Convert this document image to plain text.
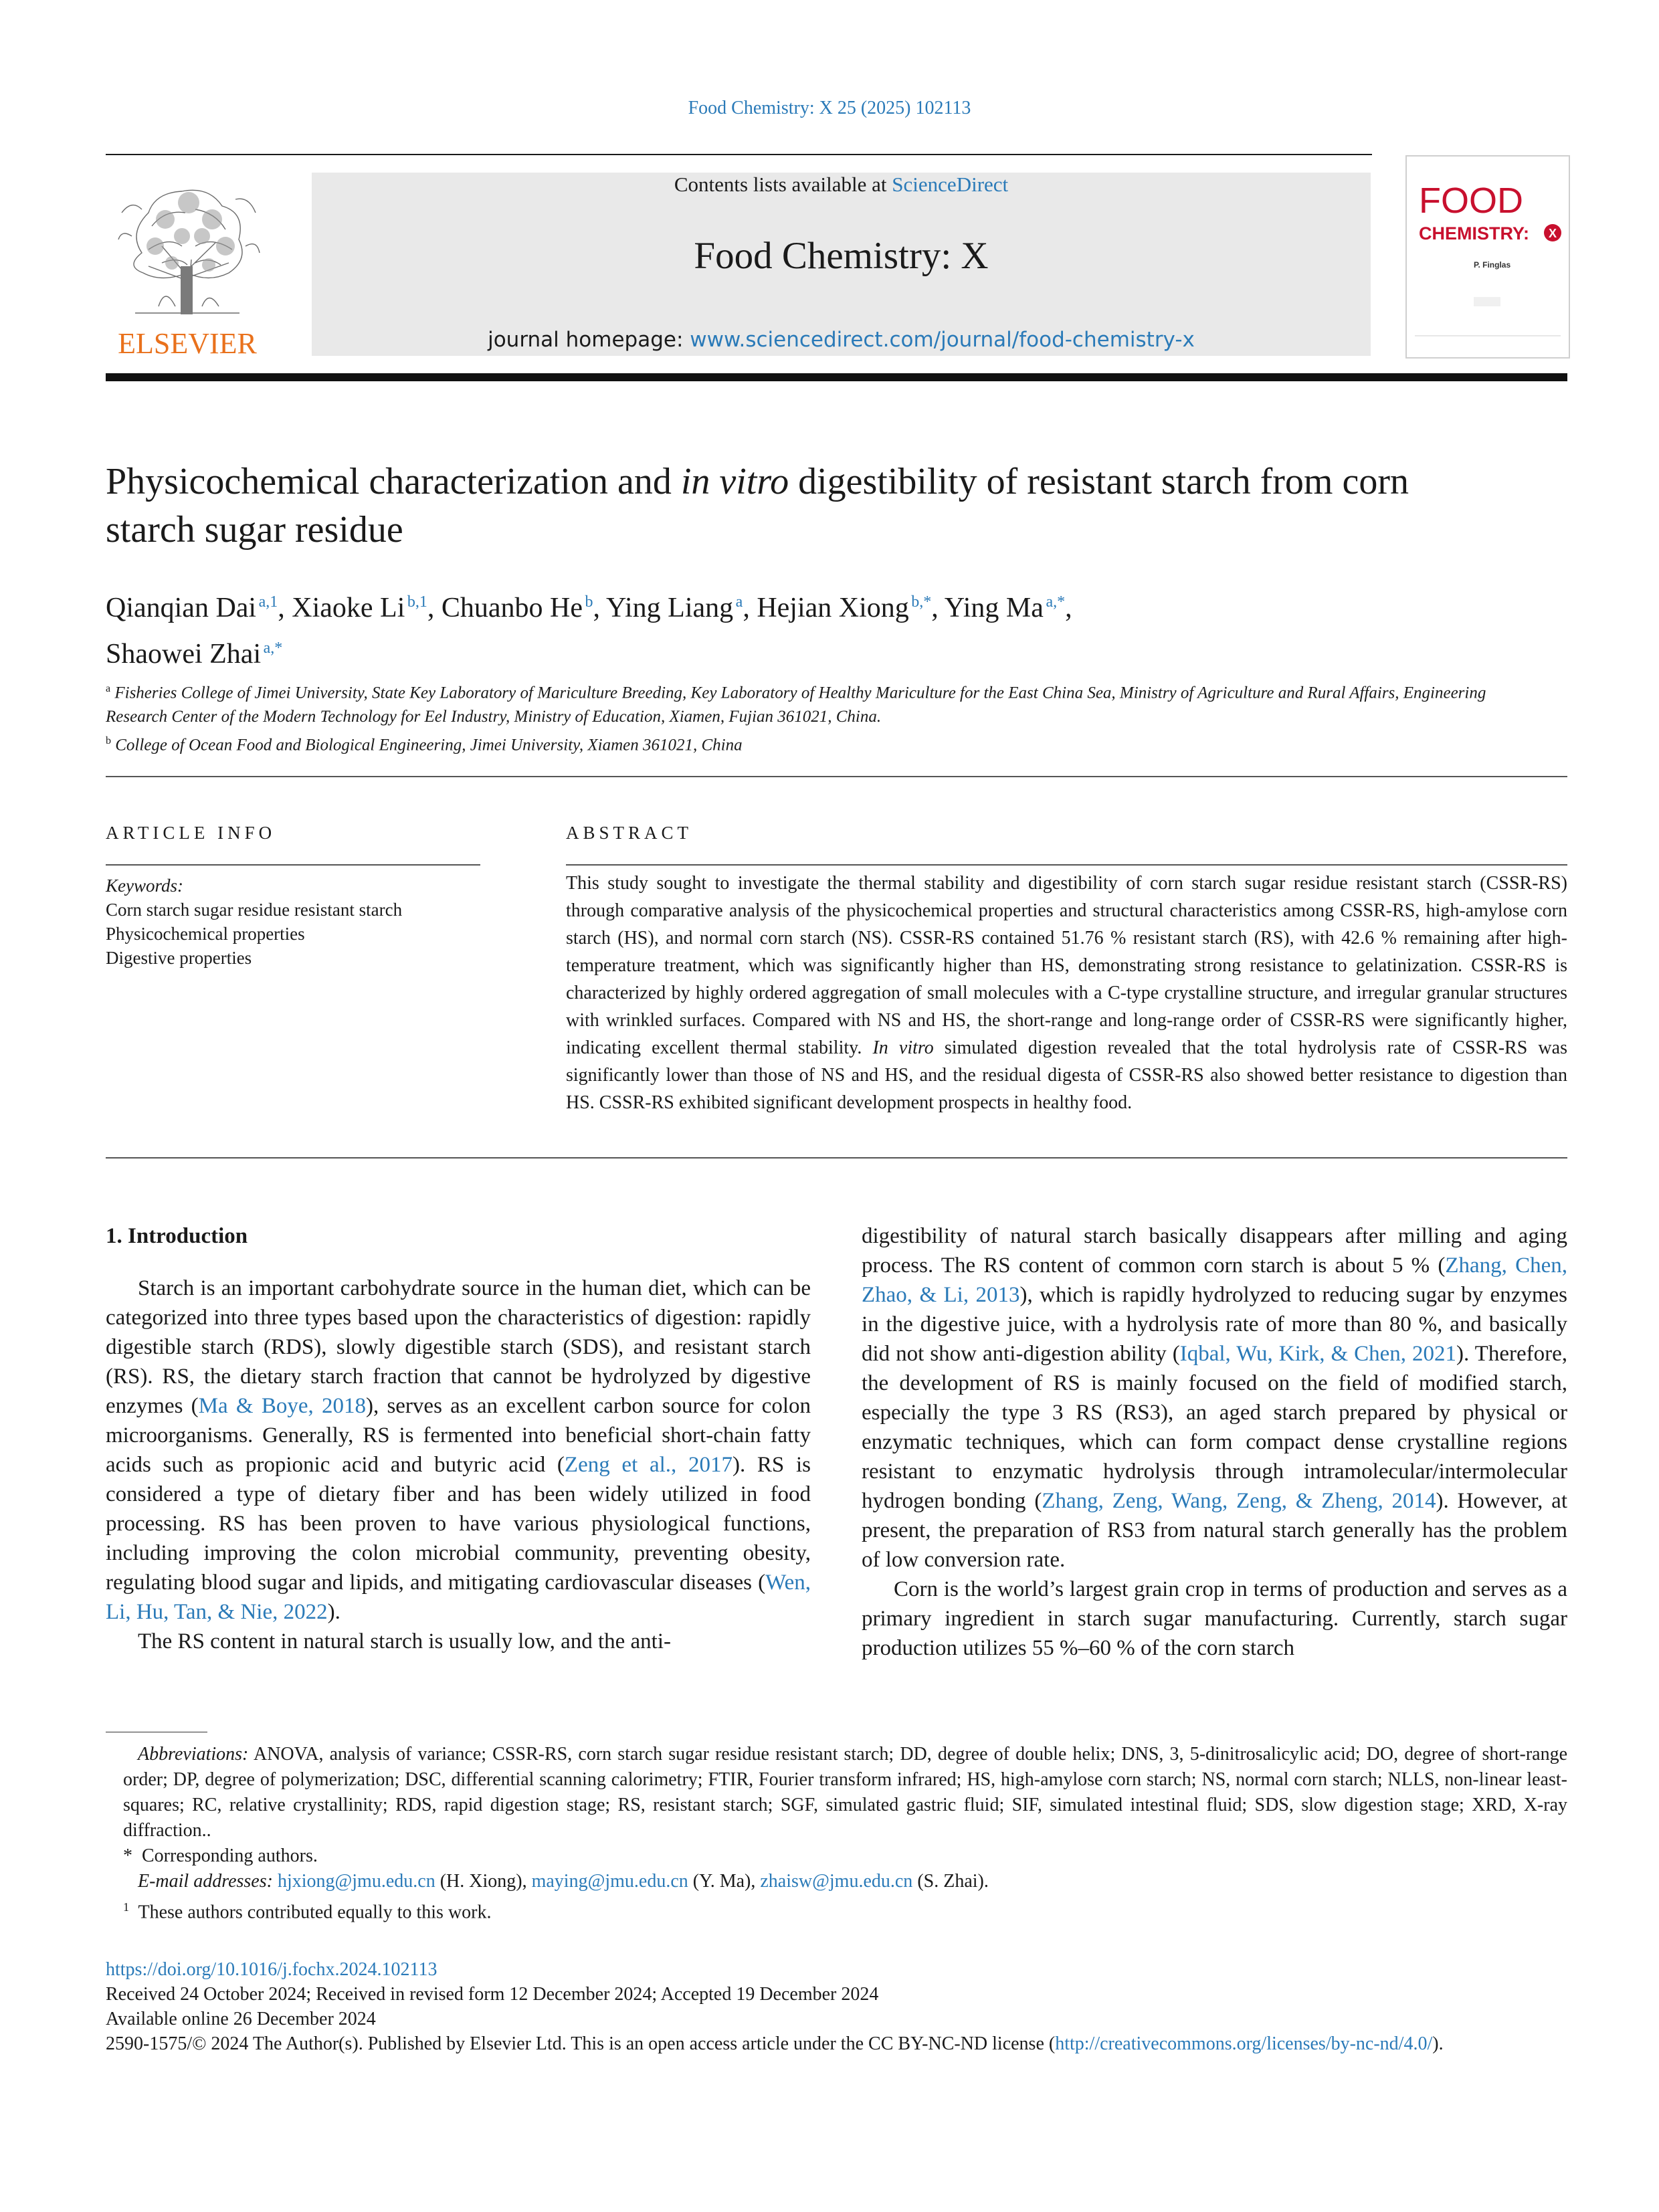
Food Chemistry: X 25 (2025) 102113
ELSEVIER
Contents lists available at ScienceDirect
Food Chemistry: X
journal homepage: www.sciencedirect.com/journal/food-chemistry-x
FOOD
CHEMISTRY: X
P. Finglas
Physicochemical characterization and in vitro digestibility of resistant starch from corn starch sugar residue
Qianqian Dai  $^{a,1}$, Xiaoke Li  $^{b,1}$, Chuanbo He  $^b$, Ying Liang  $^a$, Hejian Xiong  $^{b,*}$, Ying Ma  $^{a,*}$,
Shaowei Zhai  $^{a,*}$
$^a$ Fisheries College of Jimei University, State Key Laboratory of Mariculture Breeding, Key Laboratory of Healthy Mariculture for the East China Sea, Ministry of Agriculture and Rural Affairs, Engineering Research Center of the Modern Technology for Eel Industry, Ministry of Education, Xiamen, Fujian 361021, China.
$^b$ College of Ocean Food and Biological Engineering, Jimei University, Xiamen 361021, China
ARTICLE INFO
Keywords:
Corn starch sugar residue resistant starch
Physicochemical properties
Digestive properties
ABSTRACT
This study sought to investigate the thermal stability and digestibility of corn starch sugar residue resistant starch (CSSR-RS) through comparative analysis of the physicochemical properties and structural characteristics among CSSR-RS, high-amylose corn starch (HS), and normal corn starch (NS). CSSR-RS contained 51.76 % resistant starch (RS), with 42.6 % remaining after high-temperature treatment, which was significantly higher than HS, demonstrating strong resistance to gelatinization. CSSR-RS is characterized by highly ordered aggregation of small molecules with a C-type crystalline structure, and irregular granular structures with wrinkled surfaces. Compared with NS and HS, the short-range and long-range order of CSSR-RS were significantly higher, indicating excellent thermal stability. In vitro simulated digestion revealed that the total hydrolysis rate of CSSR-RS was significantly lower than those of NS and HS, and the residual digesta of CSSR-RS also showed better resistance to digestion than HS. CSSR-RS exhibited significant development prospects in healthy food.
1. Introduction

Starch is an important carbohydrate source in the human diet, which can be categorized into three types based upon the characteristics of digestion: rapidly digestible starch (RDS), slowly digestible starch (SDS), and resistant starch (RS). RS, the dietary starch fraction that cannot be hydrolyzed by digestive enzymes (Ma & Boye, 2018), serves as an excellent carbon source for colon microorganisms. Generally, RS is fermented into beneficial short-chain fatty acids such as propionic acid and butyric acid (Zeng et al., 2017). RS is considered a type of dietary fiber and has been widely utilized in food processing. RS has been proven to have various physiological functions, including improving the colon microbial community, preventing obesity, regulating blood sugar and lipids, and mitigating cardiovascular diseases (Wen, Li, Hu, Tan, & Nie, 2022).

The RS content in natural starch is usually low, and the anti-

digestibility of natural starch basically disappears after milling and aging process. The RS content of common corn starch is about 5 % (Zhang, Chen, Zhao, & Li, 2013), which is rapidly hydrolyzed to reducing sugar by enzymes in the digestive juice, with a hydrolysis rate of more than 80 %, and basically did not show anti-digestion ability (Iqbal, Wu, Kirk, & Chen, 2021). Therefore, the development of RS is mainly focused on the field of modified starch, especially the type 3 RS (RS3), an aged starch prepared by physical or enzymatic techniques, which can form compact dense crystalline regions resistant to enzymatic hydrolysis through intramolecular/intermolecular hydrogen bonding (Zhang, Zeng, Wang, Zeng, & Zheng, 2014). However, at present, the preparation of RS3 from natural starch generally has the problem of low conversion rate.

Corn is the world’s largest grain crop in terms of production and serves as a primary ingredient in starch sugar manufacturing. Currently, starch sugar production utilizes 55 %–60 % of the corn starch

Abbreviations: ANOVA, analysis of variance; CSSR-RS, corn starch sugar residue resistant starch; DD, degree of double helix; DNS, 3, 5-dinitrosalicylic acid; DO, degree of short-range order; DP, degree of polymerization; DSC, differential scanning calorimetry; FTIR, Fourier transform infrared; HS, high-amylose corn starch; NS, normal corn starch; NLLS, non-linear least-squares; RC, relative crystallinity; RDS, rapid digestion stage; RS, resistant starch; SGF, simulated gastric fluid; SIF, simulated intestinal fluid; SDS, slow digestion stage; XRD, X-ray diffraction..
* Corresponding authors.
E-mail addresses: hjxiong@jmu.edu.cn (H. Xiong), maying@jmu.edu.cn (Y. Ma), zhaisw@jmu.edu.cn (S. Zhai).
$^1$ These authors contributed equally to this work.
https://doi.org/10.1016/j.fochx.2024.102113
Received 24 October 2024; Received in revised form 12 December 2024; Accepted 19 December 2024
Available online 26 December 2024
2590-1575/© 2024 The Author(s). Published by Elsevier Ltd. This is an open access article under the CC BY-NC-ND license (http://creativecommons.org/licenses/by-nc-nd/4.0/).
